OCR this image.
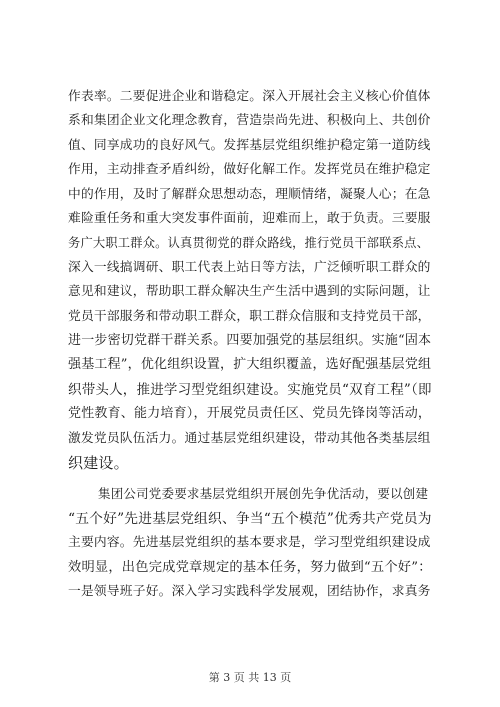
作表率。二要促进企业和谐稳定。深入开展社会主义核心价值体
系和集团企业文化理念教育，营造崇尚先进、积极向上、共创价
值、同享成功的良好风气。发挥基层党组织维护稳定第一道防线
作用，主动排查矛盾纠纷，做好化解工作。发挥党员在维护稳定
中的作用，及时了解群众思想动态，理顺情绪，凝聚人心；在急
难险重任务和重大突发事件面前，迎难而上，敢于负责。三要服
务广大职工群众。认真贯彻党的群众路线，推行党员干部联系点、
深入一线搞调研、职工代表上站日等方法，广泛倾听职工群众的
意见和建议，帮助职工群众解决生产生活中遇到的实际问题，让
党员干部服务和带动职工群众，职工群众信服和支持党员干部，
进一步密切党群干群关系。四要加强党的基层组织。实施“固本
强基工程”，优化组织设置，扩大组织覆盖，选好配强基层党组
织带头人，推进学习型党组织建设。实施党员“双育工程”（即
党性教育、能力培育），开展党员责任区、党员先锋岗等活动，
激发党员队伍活力。通过基层党组织建设，带动其他各类基层组
织建设。
集团公司党委要求基层党组织开展创先争优活动，要以创建
“五个好”先进基层党组织、争当“五个模范”优秀共产党员为
主要内容。先进基层党组织的基本要求是，学习型党组织建设成
效明显，出色完成党章规定的基本任务，努力做到“五个好”：
一是领导班子好。深入学习实践科学发展观，团结协作，求真务
第 3 页 共 13 页
